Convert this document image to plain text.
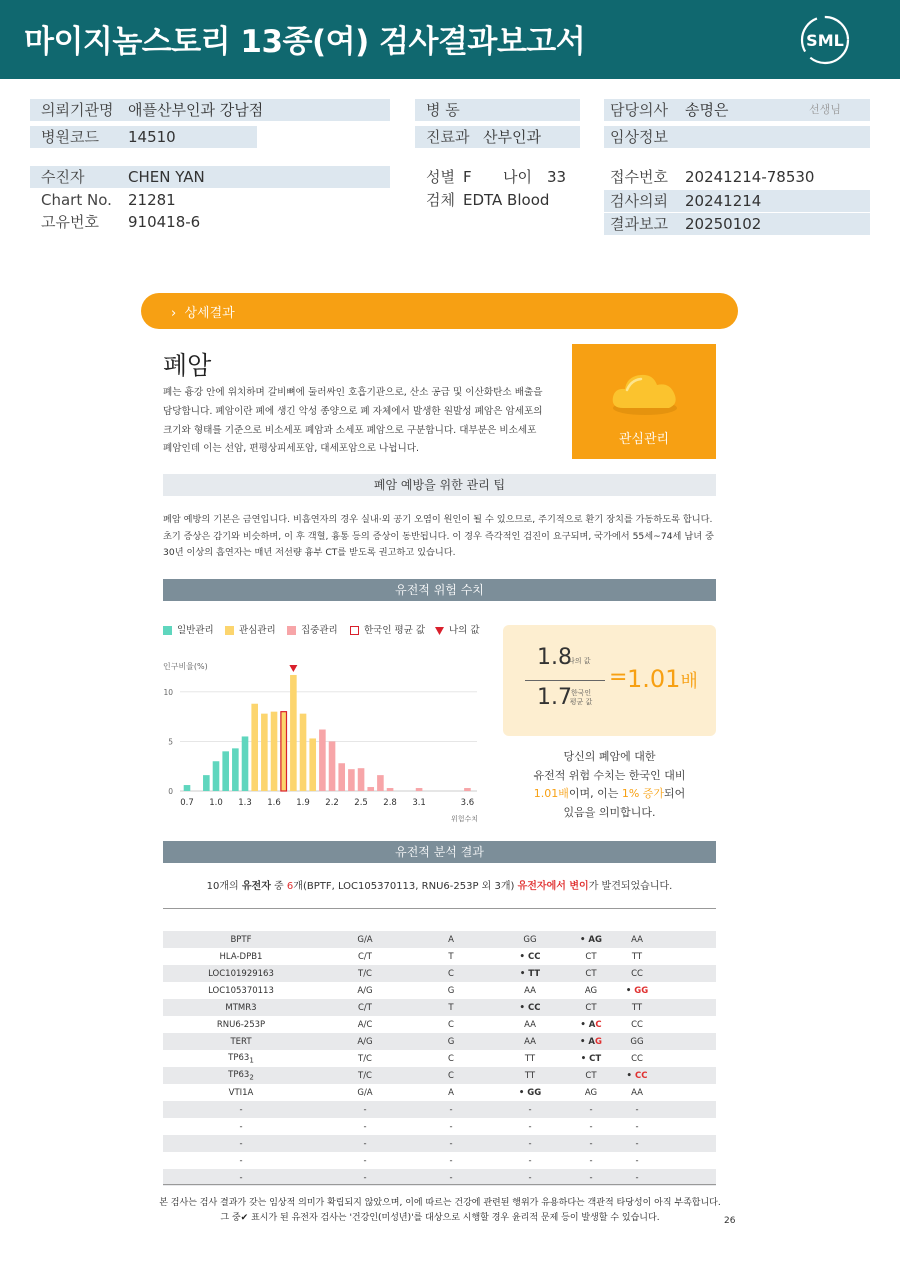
마이지놈스토리 13종(여) 검사결과보고서	SML
의뢰기관명 애플산부인과 강남점
병원코드 14510
병 동
진료과 산부인과
담당의사 송명은	선생님
임상정보
수진자	CHEN YAN
Chart No. 21281
고유번호 910418-6
성별 F 나이 33
검체 EDTA Blood
접수번호 20241214-78530
검사의뢰 20241214
결과보고 20250102
› 상세결과
폐암
폐는 흉강 안에 위치하며 갈비뼈에 둘러싸인 호흡기관으로, 산소 공급 및 이산화탄소 배출을 담당합니다. 폐암이란 폐에 생긴 악성 종양으로 폐 자체에서 발생한 원발성 폐암은 암세포의 크기와 형태를 기준으로 비소세포 폐암과 소세포 폐암으로 구분합니다. 대부분은 비소세포 폐암인데 이는 선암, 편평상피세포암, 대세포암으로 나뉩니다.
관심관리
폐암 예방을 위한 관리 팁
폐암 예방의 기본은 금연입니다. 비흡연자의 경우 실내·외 공기 오염이 원인이 될 수 있으므로, 주기적으로 환기 장치를 가동하도록 합니다. 초기 증상은 감기와 비슷하며, 이 후 객혈, 흉통 등의 증상이 동반됩니다. 이 경우 즉각적인 검진이 요구되며, 국가에서 55세~74세 남녀 중 30년 이상의 흡연자는 매년 저선량 흉부 CT를 받도록 권고하고 있습니다.
유전적 위험 수치
일반관리	관심관리	집중관리	한국인 평균 값	나의 값
인구비율(%)
위험수치
0
5
10
0.7 1.0 1.3 1.6 1.9 2.2 2.5 2.8 3.1	3.6
1.8
나의 값
1.7
한국인
평균 값
= 1.01배
당신의 폐암에 대한
유전적 위험 수치는 한국인 대비
1.01배이며, 이는 1% 증가되어
있음을 의미합니다.
유전적 분석 결과
10개의 유전자 중 6개(BPTF, LOC105370113, RNU6-253P 외 3개) 유전자에서 변이가 발견되었습니다.
BPTF	G/A	A	GG	• AG	AA	
HLA-DPB1	C/T	T	• CC	CT	TT	
LOC101929163	T/C	C	• TT	CT	CC	
LOC105370113	A/G	G	AA	AG	• GG	
MTMR3	C/T	T	• CC	CT	TT	
RNU6-253P	A/C	C	AA	• AC	CC	
TERT	A/G	G	AA	• AG	GG	
$TP63_1$	T/C	C	TT	• CT	CC	
$TP63_2$	T/C	C	TT	CT	• CC	
VTI1A	G/A	A	• GG	AG	AA	
-	-	-	-	-	-	
-	-	-	-	-	-	
-	-	-	-	-	-	
-	-	-	-	-	-	
-	-	-	-	-	-	
본 검사는 검사 결과가 갖는 임상적 의미가 확립되지 않았으며, 이에 따르는 건강에 관련된 행위가 유용하다는 객관적 타당성이 아직 부족합니다.
그 중✔ 표시가 된 유전자 검사는 '건강인(미성년)'를 대상으로 시행할 경우 윤리적 문제 등이 발생할 수 있습니다.	26
